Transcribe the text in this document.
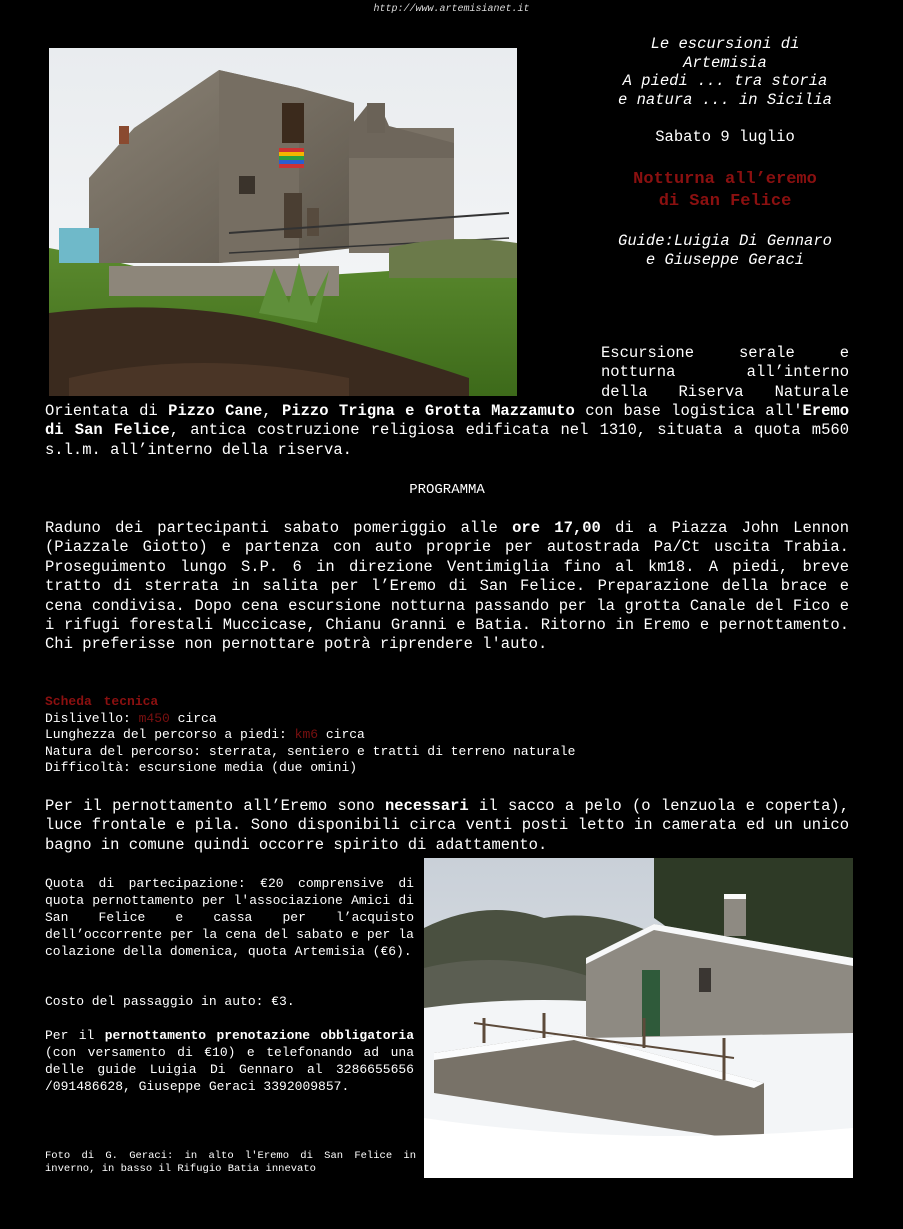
http://www.artemisianet.it
Le escursioni di
Artemisia
A piedi ... tra storia
e natura ... in Sicilia
Sabato 9 luglio
Notturna all’eremo
di San Felice
Guide:Luigia Di Gennaro
e Giuseppe Geraci
Escursione serale e
notturna all’interno
della Riserva Naturale
Orientata di Pizzo Cane, Pizzo Trigna e Grotta Mazzamuto con base logistica all'Eremo di San Felice, antica costruzione religiosa edificata nel 1310, situata a quota m560 s.l.m. all’interno della riserva.
PROGRAMMA
Raduno dei partecipanti sabato pomeriggio alle ore 17,00 di a Piazza John Lennon (Piazzale Giotto) e partenza con auto proprie per autostrada Pa/Ct uscita Trabia. Proseguimento lungo S.P. 6 in direzione Ventimiglia fino al km18. A piedi, breve tratto di sterrata in salita per l’Eremo di San Felice. Preparazione della brace e cena condivisa. Dopo cena escursione notturna passando per la grotta Canale del Fico e i rifugi forestali Muccicase, Chianu Granni e Batia. Ritorno in Eremo e pernottamento. Chi preferisse non pernottare potrà riprendere l'auto.
Scheda tecnica
Dislivello: m450 circa
Lunghezza del percorso a piedi: km6 circa
Natura del percorso: sterrata, sentiero e tratti di terreno naturale
Difficoltà: escursione media (due omini)
Per il pernottamento all’Eremo sono necessari il sacco a pelo (o lenzuola e coperta), luce frontale e pila. Sono disponibili circa venti posti letto in camerata ed un unico bagno in comune quindi occorre spirito di adattamento.
Quota di partecipazione: €20 comprensive di quota pernottamento per l'associazione Amici di San Felice e cassa per l’acquisto dell’occorrente per la cena del sabato e per la colazione della domenica, quota Artemisia (€6).
Costo del passaggio in auto: €3.
Per il pernottamento prenotazione obbligatoria (con versamento di €10) e telefonando ad una delle guide Luigia Di Gennaro al 3286655656 /091486628, Giuseppe Geraci 3392009857.
Foto di G. Geraci: in alto l'Eremo di San Felice in inverno, in basso il Rifugio Batia innevato
